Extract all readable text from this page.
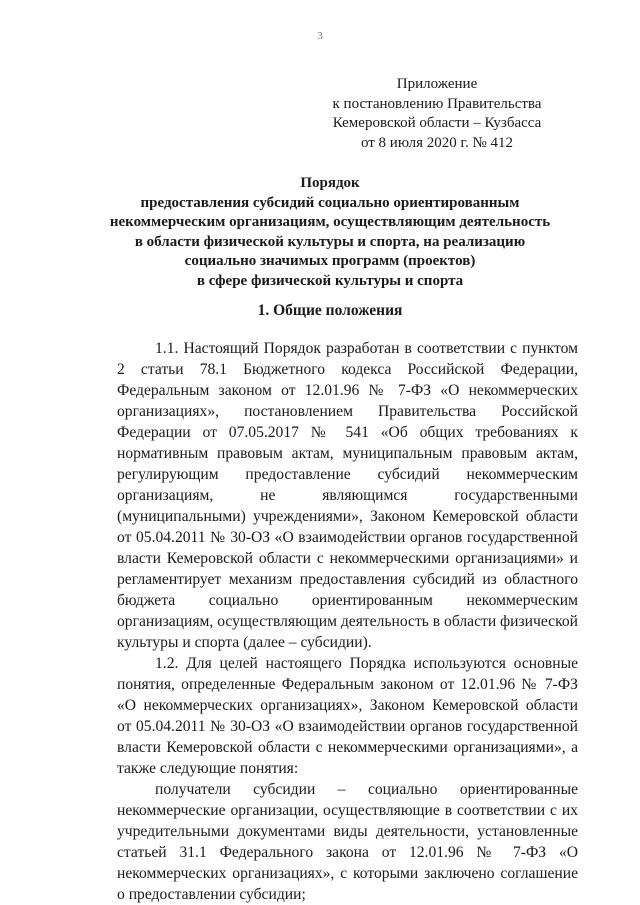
3
Приложение
к постановлению Правительства
Кемеровской области – Кузбасса
от 8 июля 2020 г. № 412
Порядок
предоставления субсидий социально ориентированным
некоммерческим организациям, осуществляющим деятельность
в области физической культуры и спорта, на реализацию
социально значимых программ (проектов)
в сфере физической культуры и спорта
1. Общие положения

1.1. Настоящий Порядок разработан в соответствии с пунктом 2 статьи 78.1 Бюджетного кодекса Российской Федерации, Федеральным законом от 12.01.96 № 7-ФЗ «О некоммерческих организациях», постановлением Правительства Российской Федерации от 07.05.2017 № 541 «Об общих требованиях к нормативным правовым актам, муниципальным правовым актам, регулирующим предоставление субсидий некоммерческим организациям, не являющимся государственными (муниципальными) учреждениями», Законом Кемеровской области от 05.04.2011 № 30-ОЗ «О взаимодействии органов государственной власти Кемеровской области с некоммерческими организациями» и регламентирует механизм предоставления субсидий из областного бюджета социально ориентированным некоммерческим организациям, осуществляющим деятельность в области физической культуры и спорта (далее – субсидии).

1.2. Для целей настоящего Порядка используются основные понятия, определенные Федеральным законом от 12.01.96 № 7-ФЗ «О некоммерческих организациях», Законом Кемеровской области от 05.04.2011 № 30-ОЗ «О взаимодействии органов государственной власти Кемеровской области с некоммерческими организациями», а также следующие понятия:

получатели субсидии – социально ориентированные некоммерческие организации, осуществляющие в соответствии с их учредительными документами виды деятельности, установленные статьей 31.1 Федерального закона от 12.01.96 № 7-ФЗ «О некоммерческих организациях», с которыми заключено соглашение о предоставлении субсидии;
